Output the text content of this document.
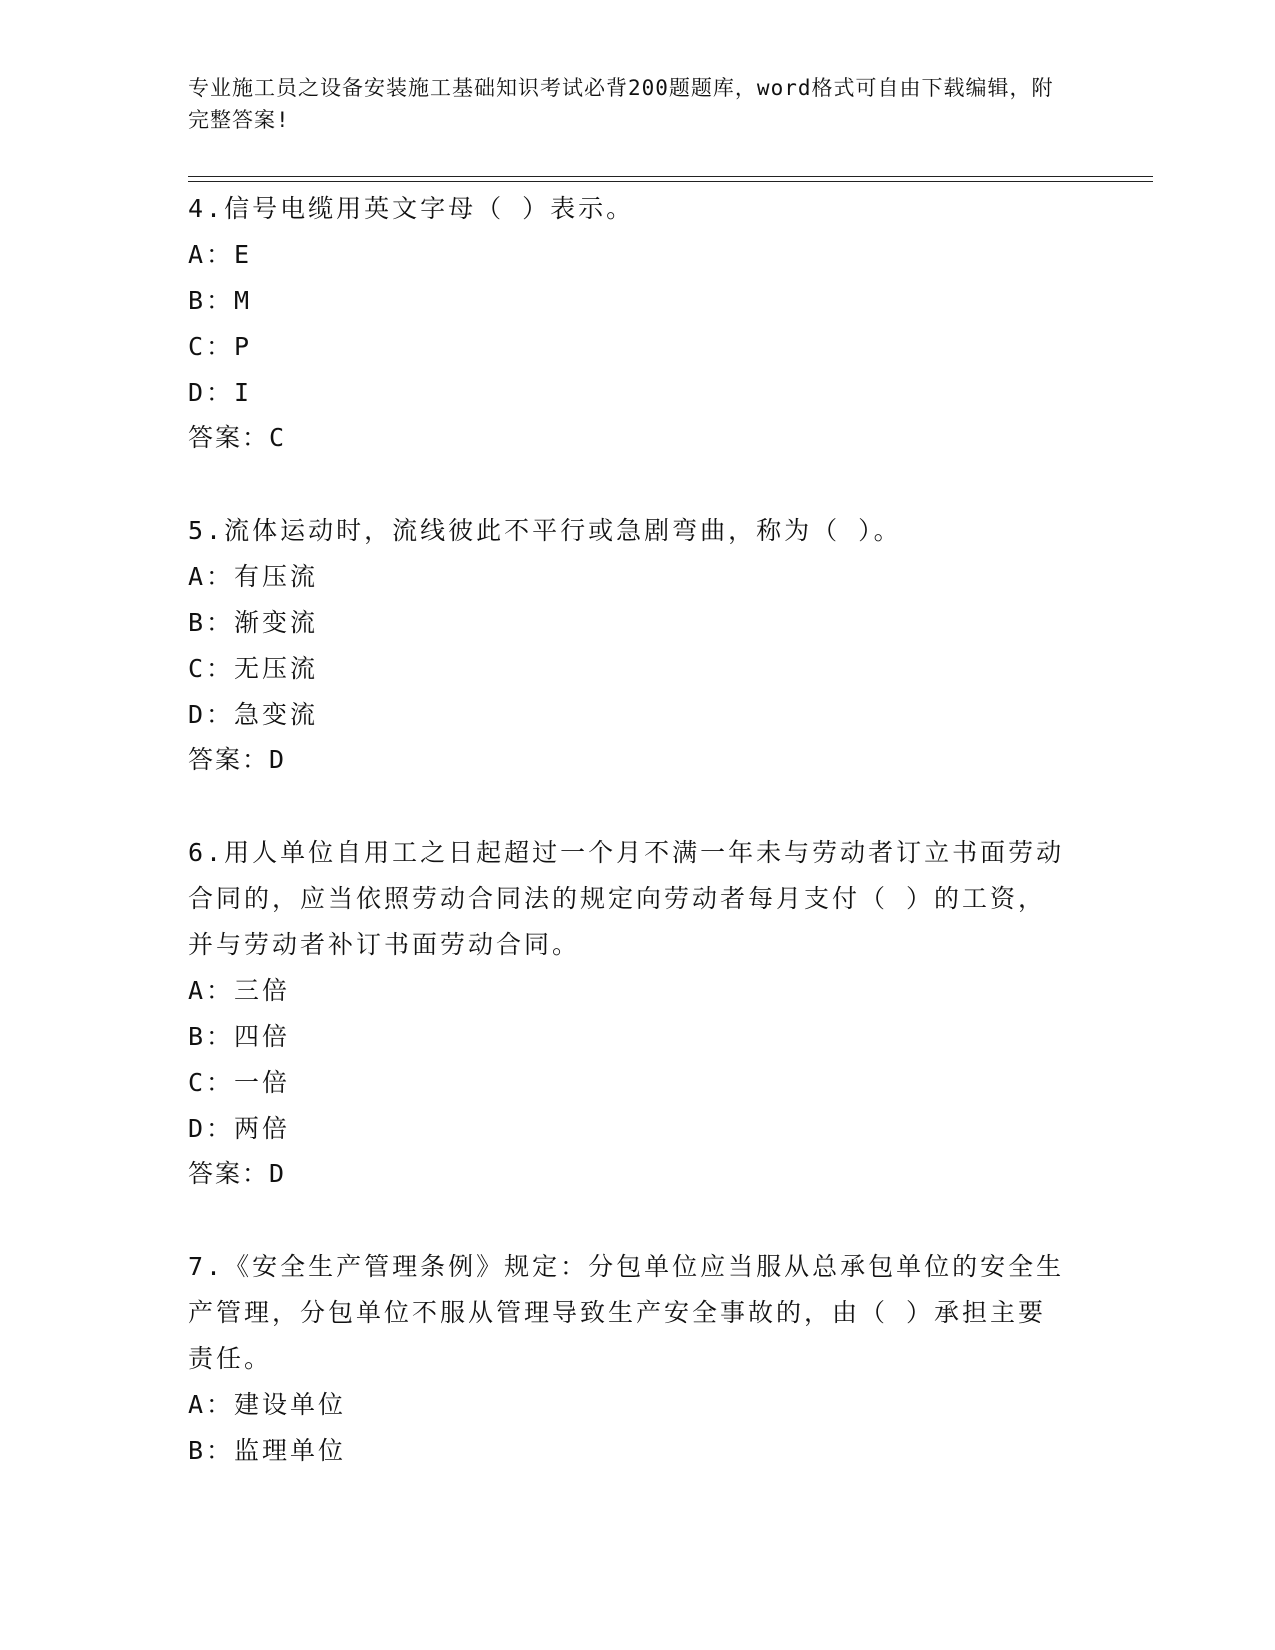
专业施工员之设备安装施工基础知识考试必背200题题库，word格式可自由下载编辑，附完整答案!
4.信号电缆用英文字母（ ）表示。
A：E
B：M
C：P
D：I
答案：C
5.流体运动时，流线彼此不平行或急剧弯曲，称为（ ）。
A：有压流
B：渐变流
C：无压流
D：急变流
答案：D
6.用人单位自用工之日起超过一个月不满一年未与劳动者订立书面劳动合同的，应当依照劳动合同法的规定向劳动者每月支付（ ）的工资，并与劳动者补订书面劳动合同。
A：三倍
B：四倍
C：一倍
D：两倍
答案：D
7.《安全生产管理条例》规定：分包单位应当服从总承包单位的安全生产管理，分包单位不服从管理导致生产安全事故的，由（ ）承担主要责任。
A：建设单位
B：监理单位
